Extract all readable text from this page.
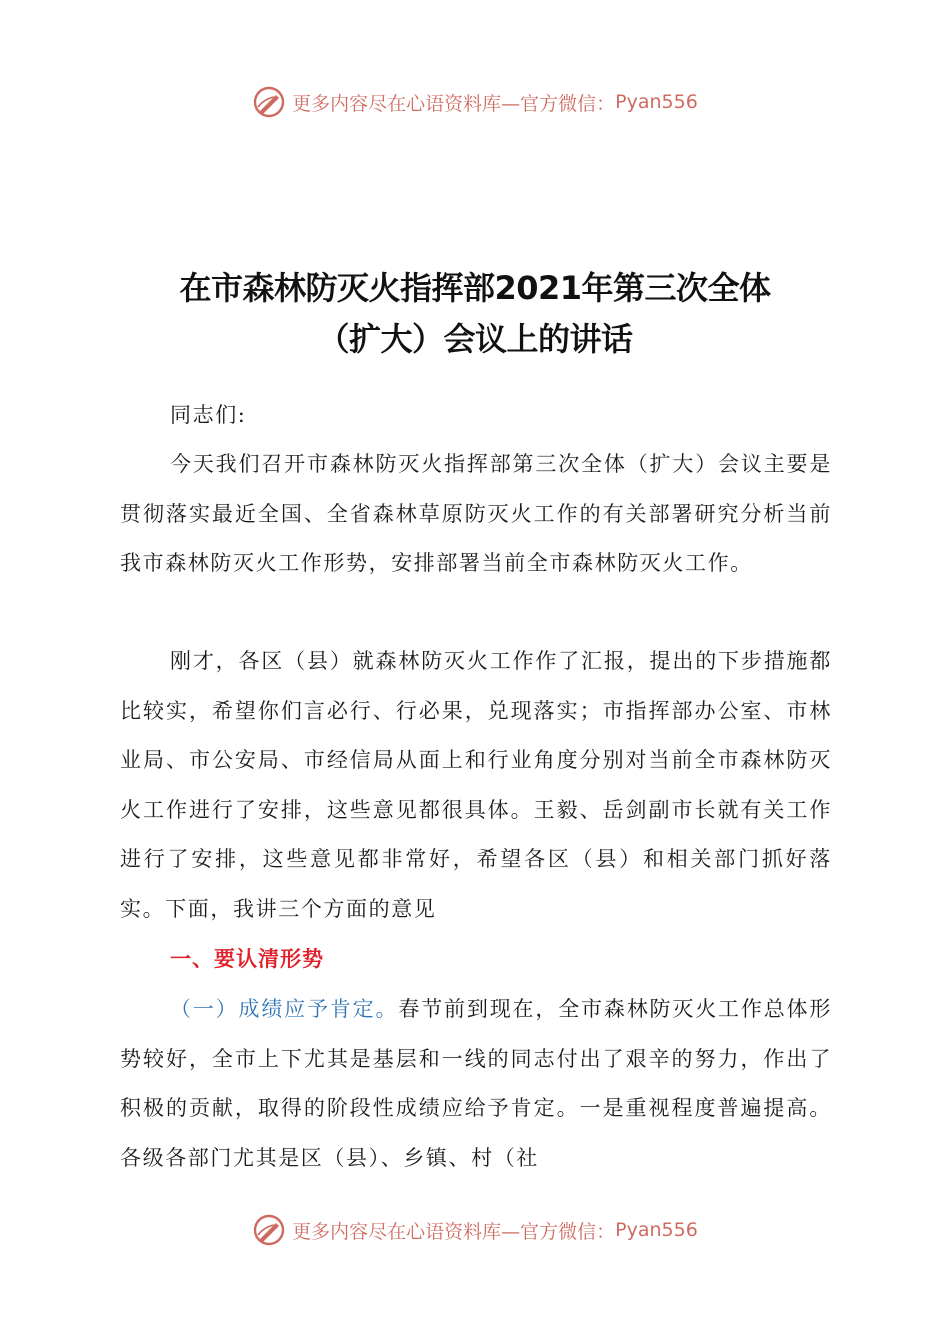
更多内容尽在心语资料库—官方微信： Pyan556
在市森林防灭火指挥部2021年第三次全体
（扩大）会议上的讲话
同志们:
今天我们召开市森林防灭火指挥部第三次全体（扩大）会议主要是贯彻落实最近全国、全省森林草原防灭火工作的有关部署研究分析当前我市森林防灭火工作形势，安排部署当前全市森林防灭火工作。
刚才，各区（县）就森林防灭火工作作了汇报，提出的下步措施都比较实，希望你们言必行、行必果，兑现落实；市指挥部办公室、市林业局、市公安局、市经信局从面上和行业角度分别对当前全市森林防灭火工作进行了安排，这些意见都很具体。王毅、岳剑副市长就有关工作进行了安排，这些意见都非常好，希望各区（县）和相关部门抓好落实。下面，我讲三个方面的意见
一、要认清形势
（一）成绩应予肯定。春节前到现在，全市森林防灭火工作总体形势较好，全市上下尤其是基层和一线的同志付出了艰辛的努力，作出了积极的贡献，取得的阶段性成绩应给予肯定。一是重视程度普遍提高。各级各部门尤其是区（县）、乡镇、村（社
更多内容尽在心语资料库—官方微信： Pyan556
